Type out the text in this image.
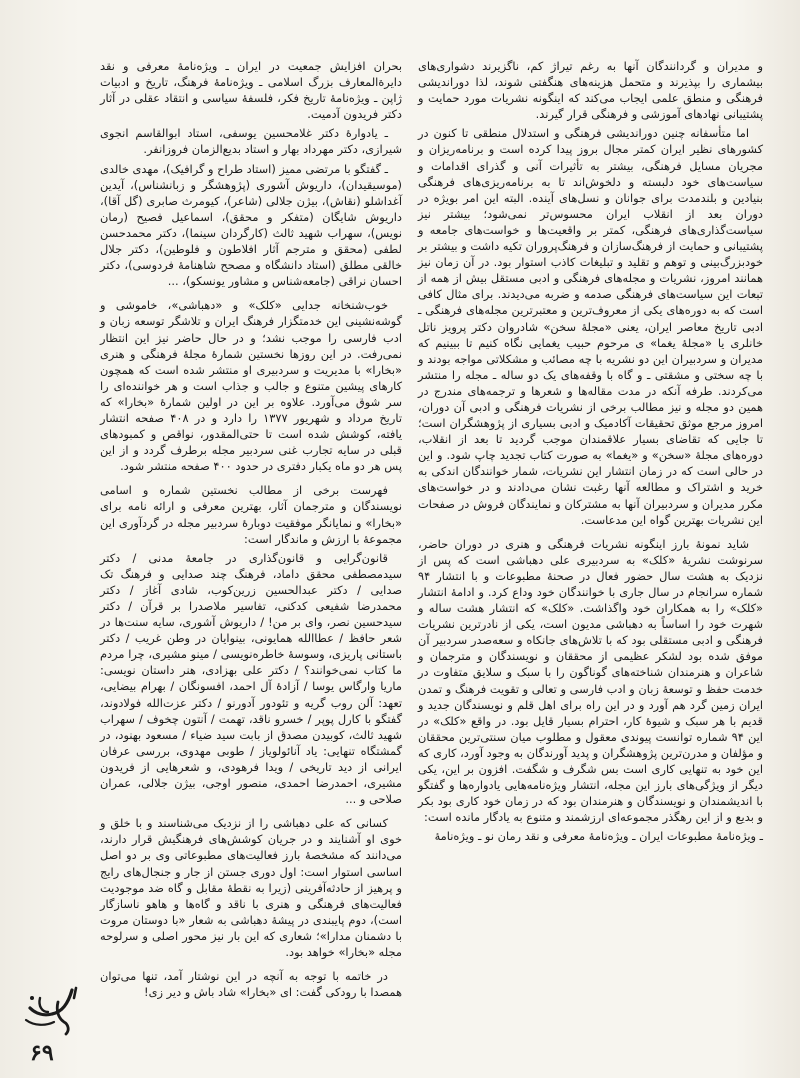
و مدیران و گردانندگان آنها به رغم تیراژ کم، ناگزیرند دشواری‌های بیشماری را بپذیرند و متحمل هزینه‌های هنگفتی شوند، لذا دوراندیشی فرهنگی و منطق علمی ایجاب می‌کند که اینگونه نشریات مورد حمایت و پشتیبانی نهادهای آموزشی و فرهنگی قرار گیرند.

اما متأسفانه چنین دوراندیشی فرهنگی و استدلال منطقی تا کنون در کشورهای نظیر ایران کمتر مجال بروز پیدا کرده است و برنامه‌ریزان و مجریان مسایل فرهنگی، بیشتر به تأثیرات آنی و گذرای اقدامات و سیاست‌های خود دلبسته و دلخوش‌اند تا به برنامه‌ریزی‌های فرهنگی بنیادین و بلندمدت برای جوانان و نسل‌های آینده. البته این امر بویژه در دوران بعد از انقلاب ایران محسوس‌تر نمی‌شود؛ بیشتر نیز سیاست‌گذاری‌های فرهنگی، کمتر بر واقعیت‌ها و خواست‌های جامعه و پشتیبانی و حمایت از فرهنگ‌سازان و فرهنگ‌پروران تکیه داشت و بیشتر بر خودبزرگ‌بینی و توهم و تقلید و تبلیغات کاذب استوار بود. در آن زمان نیز همانند امروز، نشریات و مجله‌های فرهنگی و ادبی مستقل بیش از همه از تبعات این سیاست‌های فرهنگی صدمه و ضربه می‌دیدند. برای مثال کافی است که به دوره‌های یکی از معروف‌ترین و معتبرترین مجله‌های فرهنگی ـ ادبی تاریخ معاصر ایران، یعنی «مجلهٔ سخن» شادروان دکتر پرویز ناتل خانلری یا «مجلهٔ یغما» ی مرحوم حبیب یغمایی نگاه کنیم تا ببینیم که مدیران و سردبیران این دو نشریه با چه مصائب و مشکلاتی مواجه بودند و با چه سختی و مشقتی ـ و گاه با وقفه‌های یک دو ساله ـ مجله را منتشر می‌کردند. طرفه آنکه در مدت مقاله‌ها و شعرها و ترجمه‌های مندرج در همین دو مجله و نیز مطالب برخی از نشریات فرهنگی و ادبی آن دوران، امروز مرجع موثق تحقیقات آکادمیک و ادبی بسیاری از پژوهشگران است؛ تا جایی که تقاضای بسیار علاقمندان موجب گردید تا بعد از انقلاب، دوره‌های مجلهٔ «سخن» و «یغما» به صورت کتاب تجدید چاپ شود. و این در حالی است که در زمان انتشار این نشریات، شمار خوانندگان اندکی به خرید و اشتراک و مطالعه آنها رغبت نشان می‌دادند و در خواست‌های مکرر مدیران و سردبیران آنها به مشترکان و نمایندگان فروش در صفحات این نشریات بهترین گواه این مدعاست.

شاید نمونهٔ بارز اینگونه نشریات فرهنگی و هنری در دوران حاضر، سرنوشت نشریهٔ «کلک» به سردبیری علی دهباشی است که پس از نزدیک به هشت سال حضور فعال در صحنهٔ مطبوعات و با انتشار ۹۴ شماره سرانجام در سال جاری با خوانندگان خود وداع کرد. و ادامهٔ انتشار «کلک» را به همکاران خود واگذاشت. «کلک» که انتشار هشت ساله و شهرت خود را اساساً به دهباشی مدیون است، یکی از نادرترین نشریات فرهنگی و ادبی مستقلی بود که با تلاش‌های جانکاه و سعه‌صدر سردبیر آن موفق شده بود لشکر عظیمی از محققان و نویسندگان و مترجمان و شاعران و هنرمندان شناخته‌های گوناگون را با سبک و سلایق متفاوت در خدمت حفظ و توسعهٔ زبان و ادب فارسی و تعالی و تقویت فرهنگ و تمدن ایران زمین گرد هم آورد و در این راه برای اهل قلم و نویسندگان جدید و قدیم با هر سبک و شیوهٔ کار، احترام بسیار قایل بود. در واقع «کلک» در این ۹۴ شماره توانست پیوندی معقول و مطلوب میان سنتی‌ترین محققان و مؤلفان و مدرن‌ترین پژوهشگران و پدید آورندگان به وجود آورد، کاری که این خود به تنهایی کاری است بس شگرف و شگفت. افزون بر این، یکی دیگر از ویژگی‌های بارز این مجله، انتشار ویژه‌نامه‌هایی یادواره‌ها و گفتگو با اندیشمندان و نویسندگان و هنرمندان بود که در زمان خود کاری بود بکر و بدیع و از این رهگذر مجموعه‌ای ارزشمند و متنوع به یادگار مانده است:

ـ ویژه‌نامهٔ مطبوعات ایران ـ ویژه‌نامهٔ معرفی و نقد رمان نو ـ ویژه‌نامهٔ

بحران افزایش جمعیت در ایران ـ ویژه‌نامهٔ معرفی و نقد دایرةالمعارف بزرگ اسلامی ـ ویژه‌نامهٔ فرهنگ، تاریخ و ادبیات ژاپن ـ ویژه‌نامهٔ تاریخ فکر، فلسفهٔ سیاسی و انتقاد عقلی در آثار دکتر فریدون آدمیت.

ـ یادوارهٔ دکتر غلامحسین یوسفی، استاد ابوالقاسم انجوی شیرازی، دکتر مهرداد بهار و استاد بدیع‌الزمان فروزانفر.

ـ گفتگو با مرتضی ممیز (استاد طراح و گرافیک)، مهدی خالدی (موسیقیدان)، داریوش آشوری (پژوهشگر و زبانشناس)، آیدین آغداشلو (نقاش)، بیژن جلالی (شاعر)، کیومرث صابری (گل آقا)، داریوش شایگان (متفکر و محقق)، اسماعیل فصیح (رمان نویس)، سهراب شهید ثالث (کارگردان سینما)، دکتر محمدحسن لطفی (محقق و مترجم آثار افلاطون و فلوطین)، دکتر جلال خالقی مطلق (استاد دانشگاه و مصحح شاهنامهٔ فردوسی)، دکتر احسان نراقی (جامعه‌شناس و مشاور یونسکو)، ...

خوب‌شنخانه جدایی «کلک» و «دهباشی»، خاموشی و گوشه‌نشینی این خدمتگزار فرهنگ ایران و تلاشگر توسعه زبان و ادب فارسی را موجب نشد؛ و در حال حاضر نیز این انتظار نمی‌رفت. در این روزها نخستین شمارهٔ مجلهٔ فرهنگی و هنری «بخارا» با مدیریت و سردبیری او منتشر شده است که همچون کارهای پیشین متنوع و جالب و جذاب است و هر خواننده‌ای را سر شوق می‌آورد. علاوه بر این در اولین شمارهٔ «بخارا» که تاریخ مرداد و شهریور ۱۳۷۷ را دارد و در ۴۰۸ صفحه انتشار یافته، کوشش شده است تا حتی‌المقدور، نواقص و کمبودهای قبلی در سایه تجارب غنی سردبیر مجله برطرف گردد و از این پس هر دو ماه یکبار دفتری در حدود ۴۰۰ صفحه منتشر شود.

فهرست برخی از مطالب نخستین شماره و اسامی نویسندگان و مترجمان آثار، بهترین معرفی و ارائه نامه برای «بخارا» و نمایانگر موفقیت دوبارهٔ سردبیر مجله در گردآوری این مجموعهٔ با ارزش و ماندگار است:

قانون‌گرایی و قانون‌گذاری در جامعهٔ مدنی / دکتر سیدمصطفی محقق داماد، فرهنگ چند صدایی و فرهنگ تک صدایی / دکتر عبدالحسین زرین‌کوب، شادی آغاز / دکتر محمدرضا شفیعی کدکنی، تفاسیر ملاصدرا بر قرآن / دکتر سیدحسین نصر، وای بر من! / داریوش آشوری، سایه سنت‌ها در شعر حافظ / عطاالله همایونی، بینوایان در وطن غریب / دکتر باستانی پاریزی، وسوسهٔ خاطره‌نویسی / مینو مشیری، چرا مردم ما کتاب نمی‌خوانند؟ / دکتر علی بهزادی، هنر داستان نویسی: ماریا وارگاس یوسا / آزادهٔ آل احمد، افسونگان / بهرام بیضایی، تعهد: آلن روب گریه و تئودور آدورنو / دکتر عزت‌الله فولادوند، گفتگو با کارل پوپر / خسرو ناقد، تهمت / آنتون چخوف / سهراب شهید ثالث، کوبیدن مصدق از بابت سید ضیاء / مسعود بهنود، در گمشتگاه تنهایی: یاد آنائولویاز / طوبی مهدوی، بررسی عرفان ایرانی از دید تاریخی / ویدا فرهودی، و شعرهایی از فریدون مشیری، احمدرضا احمدی، منصور اوجی، بیژن جلالی، عمران صلاحی و ...

کسانی که علی دهباشی را از نزدیک می‌شناسند و با خلق و خوی او آشنایند و در جریان کوشش‌های فرهنگیش قرار دارند، می‌دانند که مشخصهٔ بارز فعالیت‌های مطبوعاتی وی بر دو اصل اساسی استوار است: اول دوری جستن از جار و جنجال‌های رایج و پرهیز از حادثه‌آفرینی (زیرا به نقطهٔ مقابل و گاه ضد موجودیت فعالیت‌های فرهنگی و هنری با ناقد و گاه‌ها و هاهو ناسازگار است)، دوم پایبندی در پیشهٔ دهباشی به شعار «با دوستان مروت با دشمنان مدارا»؛ شعاری که این بار نیز محور اصلی و سرلوحه مجله «بخارا» خواهد بود.

در خاتمه با توجه به آنچه در این نوشتار آمد، تنها می‌توان همصدا با رودکی گفت: ای «بخارا» شاد باش و دیر زی!

۶۹
